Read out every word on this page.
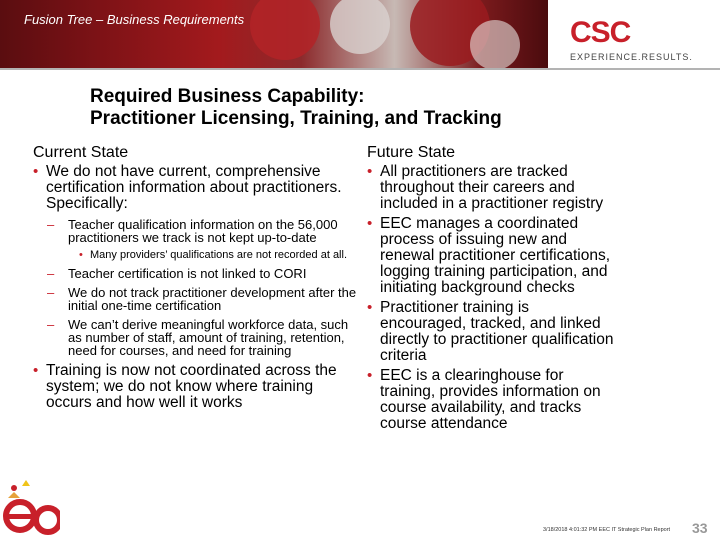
Fusion Tree – Business Requirements	CSC
EXPERIENCE.RESULTS.
Required Business Capability:
Practitioner Licensing, Training, and Tracking
Current State
• We do not have current, comprehensive certification information about practitioners. Specifically:
– Teacher qualification information on the 56,000 practitioners we track is not kept up-to-date
• Many providers’ qualifications are not recorded at all.
– Teacher certification is not linked to CORI
– We do not track practitioner development after the initial one-time certification
– We can’t derive meaningful workforce data, such as number of staff, amount of training, retention, need for courses, and need for training
• Training is now not coordinated across the system; we do not know where training occurs and how well it works
Future State
• All practitioners are tracked throughout their careers and included in a practitioner registry
• EEC manages a coordinated process of issuing new and renewal practitioner certifications, logging training participation, and initiating background checks
• Practitioner training is encouraged, tracked, and linked directly to practitioner qualification criteria
• EEC is a clearinghouse for training, provides information on course availability, and tracks course attendance
3/18/2018 4:01:32 PM EEC IT Strategic Plan Report 33
